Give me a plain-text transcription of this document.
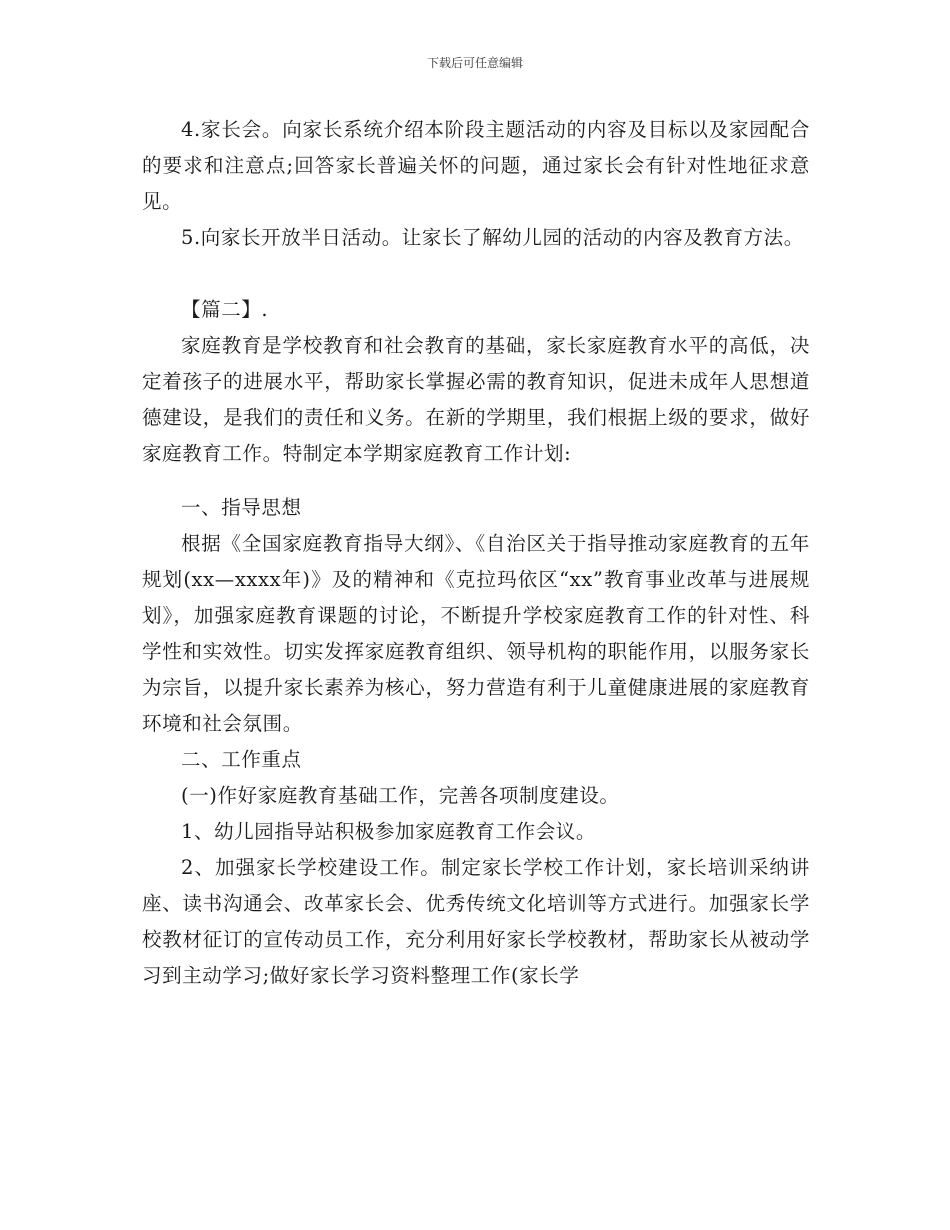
下载后可任意编辑

4.家长会。向家长系统介绍本阶段主题活动的内容及目标以及家园配合的要求和注意点;回答家长普遍关怀的问题，通过家长会有针对性地征求意见。

5.向家长开放半日活动。让家长了解幼儿园的活动的内容及教育方法。

【篇二】.

家庭教育是学校教育和社会教育的基础，家长家庭教育水平的高低，决定着孩子的进展水平，帮助家长掌握必需的教育知识，促进未成年人思想道德建设，是我们的责任和义务。在新的学期里，我们根据上级的要求，做好家庭教育工作。特制定本学期家庭教育工作计划:

一、指导思想

根据《全国家庭教育指导大纲》、《自治区关于指导推动家庭教育的五年规划(xx—xxxx年)》及的精神和《克拉玛依区“xx”教育事业改革与进展规划》，加强家庭教育课题的讨论，不断提升学校家庭教育工作的针对性、科学性和实效性。切实发挥家庭教育组织、领导机构的职能作用，以服务家长为宗旨，以提升家长素养为核心，努力营造有利于儿童健康进展的家庭教育环境和社会氛围。

二、工作重点

(一)作好家庭教育基础工作，完善各项制度建设。

1、幼儿园指导站积极参加家庭教育工作会议。

2、加强家长学校建设工作。制定家长学校工作计划，家长培训采纳讲座、读书沟通会、改革家长会、优秀传统文化培训等方式进行。加强家长学校教材征订的宣传动员工作，充分利用好家长学校教材，帮助家长从被动学习到主动学习;做好家长学习资料整理工作(家长学
